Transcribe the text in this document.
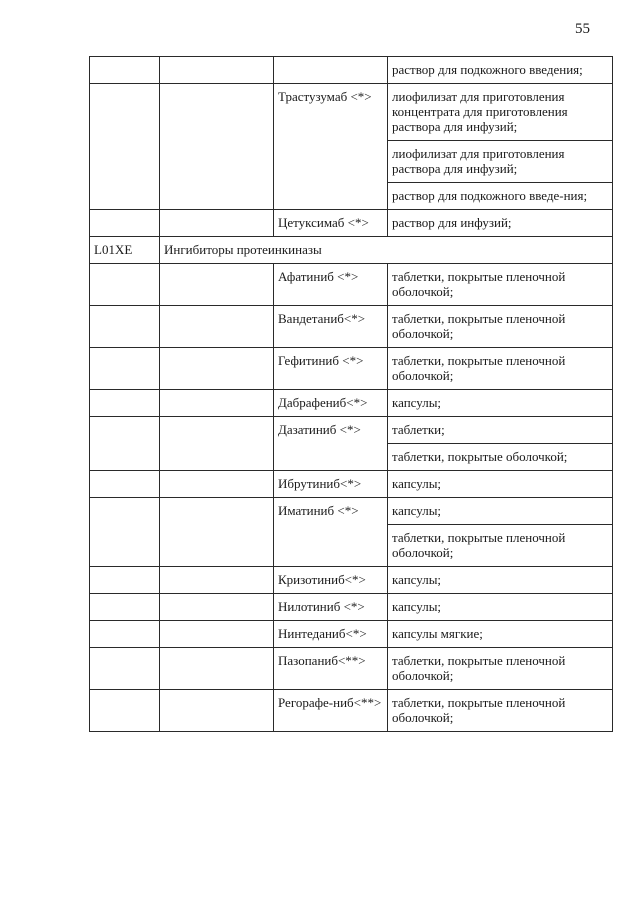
55
			раствор для подкожного введения;
		Трастузумаб <*>	лиофилизат для приготовления концентрата для приготовления раствора для инфузий;
			лиофилизат для приготовления раствора для инфузий;
			раствор для подкожного введе-ния;
		Цетуксимаб <*>	раствор для инфузий;
L01XE	Ингибиторы протеинкиназы		
		Афатиниб <*>	таблетки, покрытые пленочной оболочкой;
		Вандетаниб<*>	таблетки, покрытые пленочной оболочкой;
		Гефитиниб <*>	таблетки, покрытые пленочной оболочкой;
		Дабрафениб<*>	капсулы;
		Дазатиниб <*>	таблетки;
			таблетки, покрытые оболочкой;
		Ибрутиниб<*>	капсулы;
		Иматиниб <*>	капсулы;
			таблетки, покрытые пленочной оболочкой;
		Кризотиниб<*>	капсулы;
		Нилотиниб <*>	капсулы;
		Нинтеданиб<*>	капсулы мягкие;
		Пазопаниб<**>	таблетки, покрытые пленочной оболочкой;
		Регорафе-ниб<**>	таблетки, покрытые пленочной оболочкой;
